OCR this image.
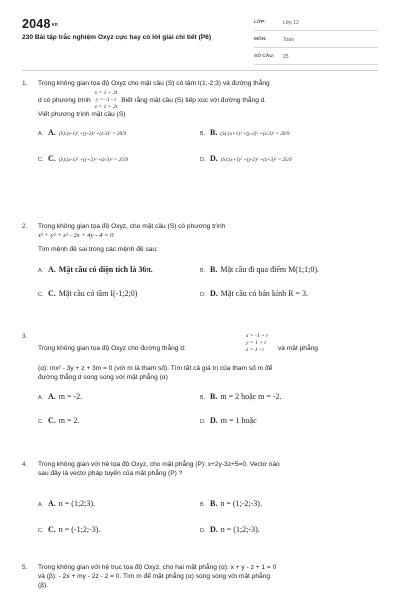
$2048^{vn}$
230 Bài tập trắc nghiệm Oxyz cực hay có lời giải chi tiết (P6)
LỚP:	Lớp 12
MÔN:	Toán
SỐ CÂU:	25
1. Trong không gian tọa độ Oxyz cho mặt cầu (S) có tâm I(1;-2;3) và đường thẳng
d có phương trình x = 1 + 2t
y = -1 - t
z = 1 + 2t Biết rằng mặt cầu (S) tiếp xúc với đường thẳng d.
Viết phương trình mặt cầu (S)
A. A. (S):(x-1)² +(y-2)² +(z-3)² = 20/9	B. B. (S):(x+1)² +(y-2)² +(z-3)² = 20/9
C. C. (S):(x-1)² +(y+2)² +(z-3)² = 25/9	D. D. (S):(x+1)² +(y-2)² +(z+3)² = 25/9
2. Trong không gian tọa độ Oxyz, cho mặt cầu (S) có phương trình
x² + y² + z² - 2x + 4y - 4 = 0
Tìm mệnh đề sai trong các mệnh đề sau:
A. A. Mặt cầu có diện tích là 36π.	B. B. Mặt cầu đi qua điểm M(1;1;0).
C. C. Mặt cầu có tâm I(-1;2;0)	D. D. Mặt cầu có bán kính R = 3.
3.
Trong không gian tọa độ Oxyz cho đường thẳng d:
x = -1 + t
y = 1 + t
z = 1 - t	và mặt phẳng
(α): mx² - 3y + z + 3m = 0 (với m là tham số). Tìm tất cả giá trị của tham số m để
đường thẳng d song song với mặt phẳng (α)
A. A. m = -2.	B. B. m = 2 hoặc m = -2.
C. C. m = 2.	D. D. m = 1 hoặc
4. Trong không gian với hệ tọa độ Oxyz, cho mặt phẳng (P): x+2y-3z+5=0. Vectơ nào
sau đây là vectơ pháp tuyến của mặt phẳng (P) ?
A. A. n = (1;2;3).	B. B. n = (1;-2;-3).
C. C. n = (-1;2;-3).	D. D. n = (1;2;-3).
5. Trong không gian với hệ trục tọa độ Oxyz, cho hai mặt phẳng (α): x + y - z + 1 = 0
và (β): - 2x + my - 2z - 2 = 0. Tìm m để mặt phẳng (α) song song với mặt phẳng
(β).
